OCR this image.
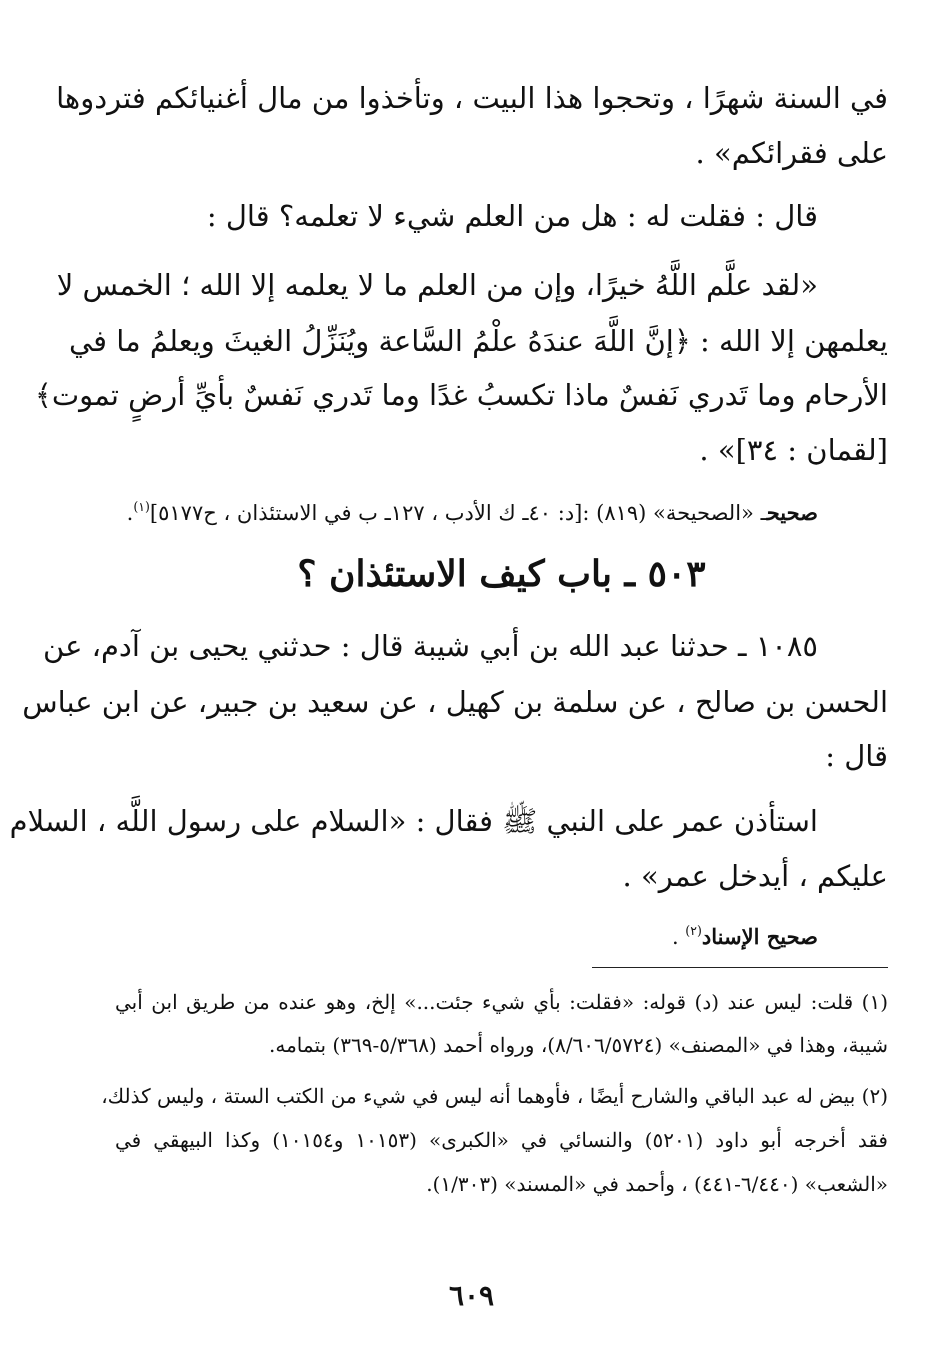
في السنة شهرًا ، وتحجوا هذا البيت ، وتأخذوا من مال أغنيائكم فتردوها
على فقرائكم» .
قال : فقلت له : هل من العلم شيء لا تعلمه؟ قال :
«لقد علَّم اللَّهُ خيرًا، وإن من العلم ما لا يعلمه إلا الله ؛ الخمس لا
يعلمهن إلا الله : ﴿إنَّ اللَّهَ عندَهُ علْمُ السَّاعة ويُنَزِّلُ الغيثَ ويعلمُ ما في
الأرحام وما تَدري نَفسٌ ماذا تكسبُ غدًا وما تَدري نَفسٌ بأيِّ أرضٍ تموت﴾
[لقمان : ٣٤]» .
صحيحـ «الصحيحة» (٨١٩) :[د: ٤٠ـ ك الأدب ، ١٢٧ـ ب في الاستئذان ، ح٥١٧٧]$^{(١)}$.
٥٠٣ ـ باب كيف الاستئذان ؟
١٠٨٥ ـ حدثنا عبد الله بن أبي شيبة قال : حدثني يحيى بن آدم، عن
الحسن بن صالح ، عن سلمة بن كهيل ، عن سعيد بن جبير، عن ابن عباس
قال :
استأذن عمر على النبي ﷺ فقال : «السلام على رسول اللَّه ، السلام
عليكم ، أيدخل عمر» .
صحيح الإسناد$^{(٢)}$ .
(١) قلت: ليس عند (د) قوله: «فقلت: بأي شيء جئت...» إلخ، وهو عنده من طريق ابن أبي
شيبة، وهذا في «المصنف» (٨/٦٠٦/٥٧٢٤)، ورواه أحمد (٥/٣٦٨-٣٦٩) بتمامه.
(٢) بيض له عبد الباقي والشارح أيضًا ، فأوهما أنه ليس في شيء من الكتب الستة ، وليس كذلك،
فقد أخرجه أبو داود (٥٢٠١) والنسائي في «الكبرى» (١٠١٥٣ و١٠١٥٤) وكذا البيهقي في
«الشعب» (٦/٤٤٠-٤٤١) ، وأحمد في «المسند» (١/٣٠٣).
٦٠٩
